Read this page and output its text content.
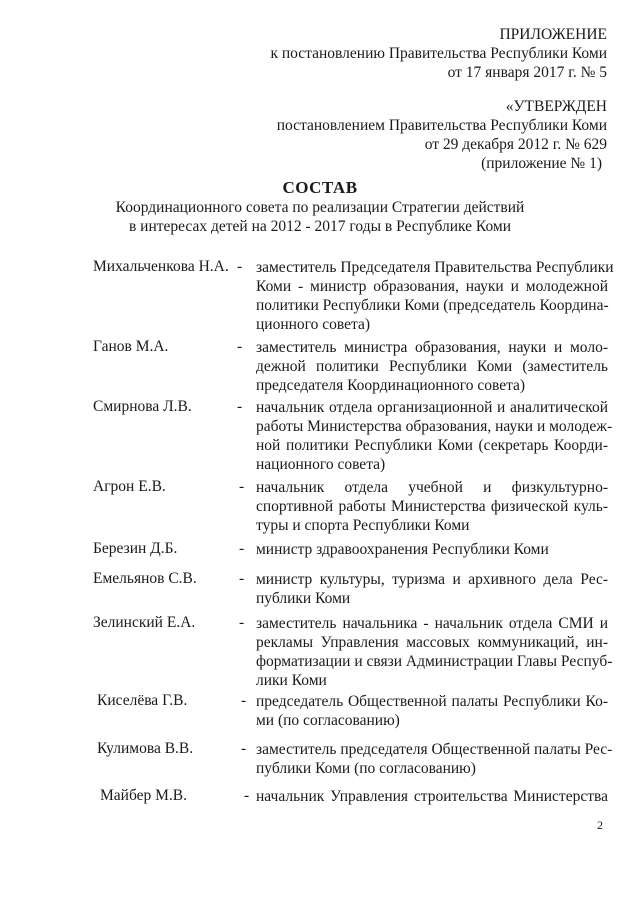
ПРИЛОЖЕНИЕ
к постановлению Правительства Республики Коми
от 17 января 2017 г. № 5
«УТВЕРЖДЕН
постановлением Правительства Республики Коми
от 29 декабря 2012 г. № 629
(приложение № 1)
СОСТАВ
Координационного совета по реализации Стратегии действий
в интересах детей на 2012 - 2017 годы в Республике Коми
Михальченкова Н.А. - заместитель Председателя Правительства Республики
Коми - министр образования, науки и молодежной
политики Республики Коми (председатель Координа-
ционного совета)
Ганов М.А.	- заместитель министра образования, науки и моло-
дежной политики Республики Коми (заместитель
председателя Координационного совета)
Смирнова Л.В.	- начальник отдела организационной и аналитической
работы Министерства образования, науки и молодеж-
ной политики Республики Коми (секретарь Коорди-
национного совета)
Агрон Е.В.	- начальник отдела учебной и физкультурно-
спортивной работы Министерства физической куль-
туры и спорта Республики Коми
Березин Д.Б.	- министр здравоохранения Республики Коми
Емельянов С.В.	- министр культуры, туризма и архивного дела Рес-
публики Коми
Зелинский Е.А.	- заместитель начальника - начальник отдела СМИ и
рекламы Управления массовых коммуникаций, ин-
форматизации и связи Администрации Главы Респуб-
лики Коми
Киселёва Г.В.	- председатель Общественной палаты Республики Ко-
ми (по согласованию)
Кулимова В.В.	- заместитель председателя Общественной палаты Рес-
публики Коми (по согласованию)
Майбер М.В.	- начальник Управления строительства Министерства
2
